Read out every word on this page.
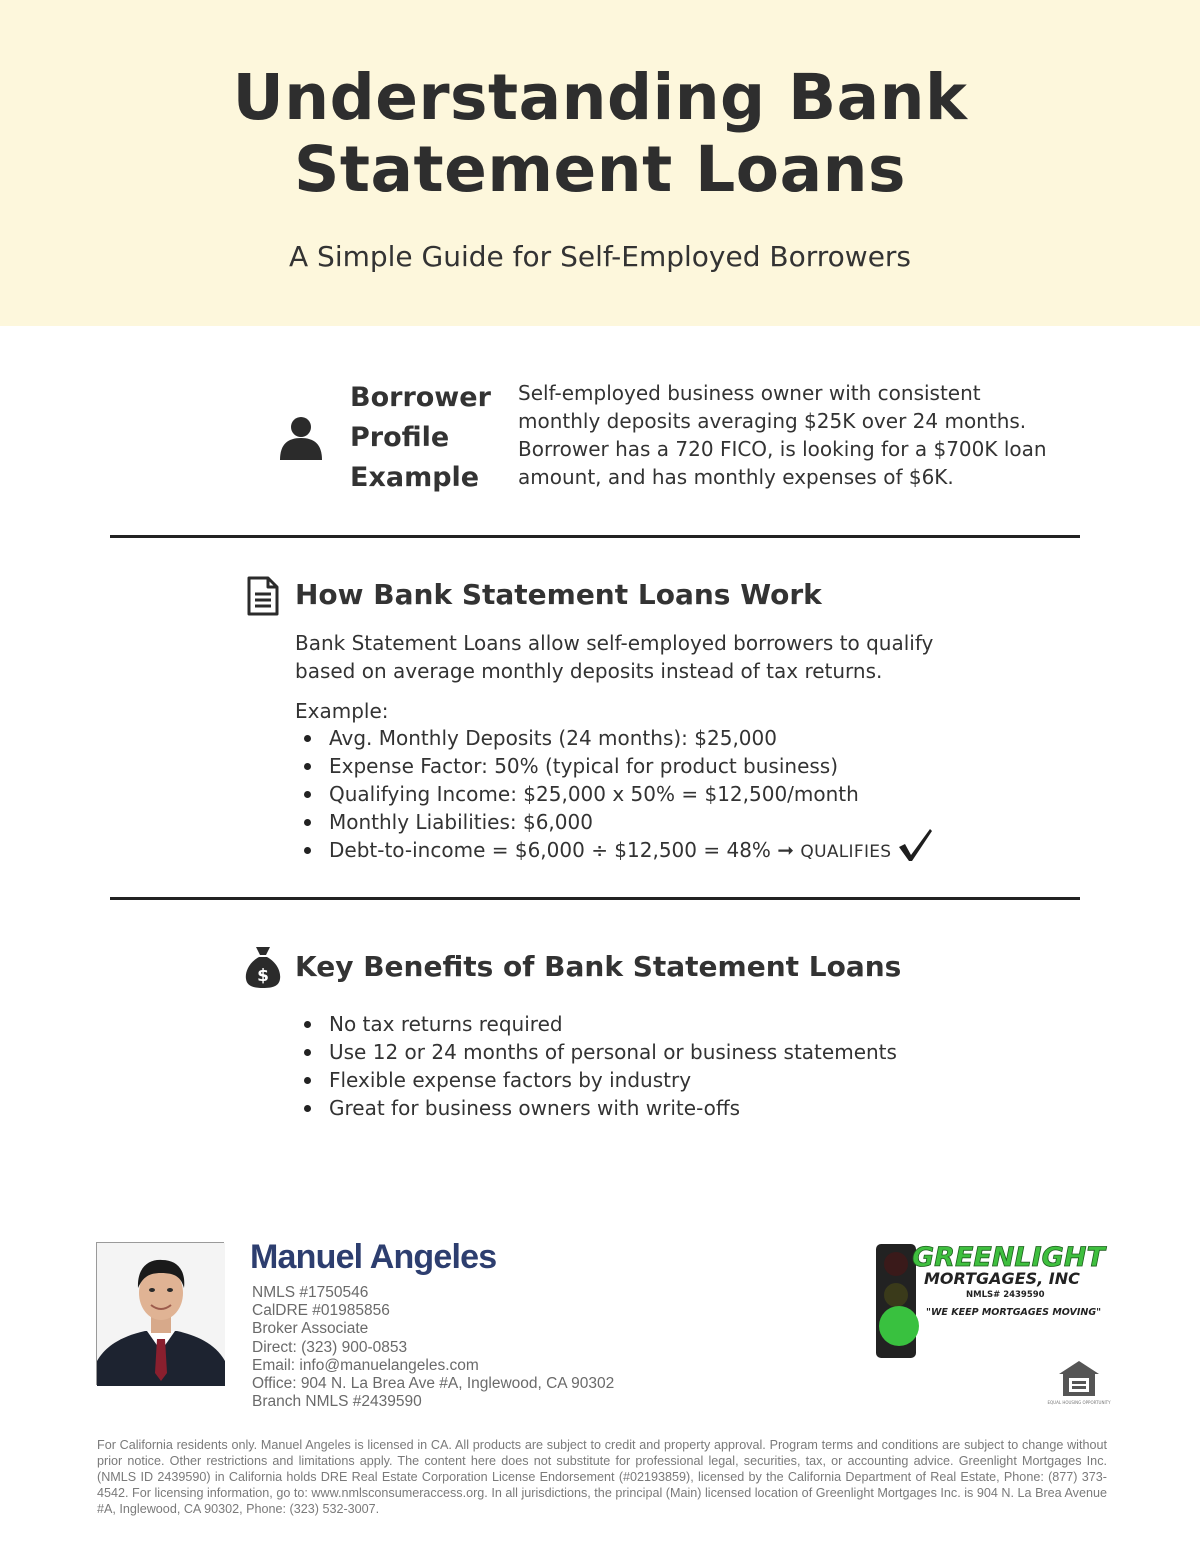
Understanding Bank
Statement Loans
A Simple Guide for Self-Employed Borrowers
Borrower
Profile
Example
Self-employed business owner with consistent monthly deposits averaging $25K over 24 months. Borrower has a 720 FICO, is looking for a $700K loan amount, and has monthly expenses of $6K.
How Bank Statement Loans Work
Bank Statement Loans allow self-employed borrowers to qualify based on average monthly deposits instead of tax returns.
Example:
Avg. Monthly Deposits (24 months): $25,000
Expense Factor: 50% (typical for product business)
Qualifying Income: $25,000 x 50% = $12,500/month
Monthly Liabilities: $6,000
Debt-to-income = $6,000 ÷ $12,500 = 48% ➞ QUALIFIES
$ Key Benefits of Bank Statement Loans
No tax returns required
Use 12 or 24 months of personal or business statements
Flexible expense factors by industry
Great for business owners with write-offs
Manuel Angeles
NMLS #1750546
CalDRE #01985856
Broker Associate
Direct: (323) 900-0853
Email: info@manuelangeles.com
Office: 904 N. La Brea Ave #A, Inglewood, CA 90302
Branch NMLS #2439590
GREENLIGHT
MORTGAGES, INC
NMLS# 2439590
"WE KEEP MORTGAGES MOVING"
EQUAL HOUSING OPPORTUNITY
For California residents only. Manuel Angeles is licensed in CA. All products are subject to credit and property approval. Program terms and conditions are subject to change without prior notice. Other restrictions and limitations apply. The content here does not substitute for professional legal, securities, tax, or accounting advice. Greenlight Mortgages Inc. (NMLS ID 2439590) in California holds DRE Real Estate Corporation License Endorsement (#02193859), licensed by the California Department of Real Estate, Phone: (877) 373-4542. For licensing information, go to: www.nmlsconsumeraccess.org. In all jurisdictions, the principal (Main) licensed location of Greenlight Mortgages Inc. is 904 N. La Brea Avenue #A, Inglewood, CA 90302, Phone: (323) 532-3007.
